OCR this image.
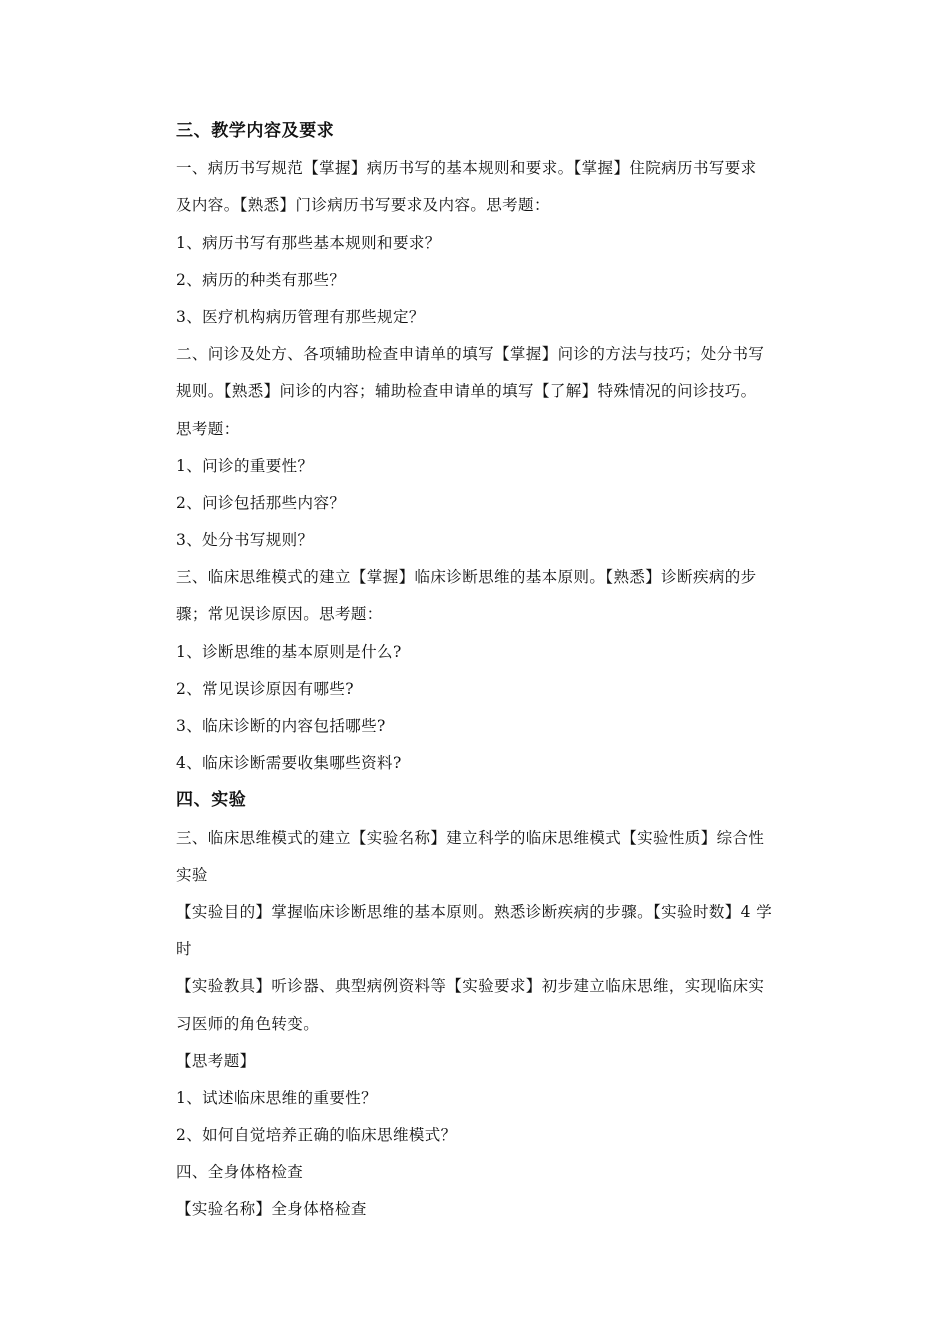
三、教学内容及要求
一、病历书写规范【掌握】病历书写的基本规则和要求。【掌握】住院病历书写要求
及内容。【熟悉】门诊病历书写要求及内容。思考题：
1、病历书写有那些基本规则和要求？
2、病历的种类有那些？
3、医疗机构病历管理有那些规定？
二、问诊及处方、各项辅助检查申请单的填写【掌握】问诊的方法与技巧；处分书写
规则。【熟悉】问诊的内容；辅助检查申请单的填写【了解】特殊情况的问诊技巧。
思考题：
1、问诊的重要性？
2、问诊包括那些内容？
3、处分书写规则？
三、临床思维模式的建立【掌握】临床诊断思维的基本原则。【熟悉】诊断疾病的步
骤；常见误诊原因。思考题：
1、诊断思维的基本原则是什么?
2、常见误诊原因有哪些?
3、临床诊断的内容包括哪些?
4、临床诊断需要收集哪些资料?
四、实验
三、临床思维模式的建立【实验名称】建立科学的临床思维模式【实验性质】综合性
实验
【实验目的】掌握临床诊断思维的基本原则。熟悉诊断疾病的步骤。【实验时数】4 学
时
【实验教具】听诊器、典型病例资料等【实验要求】初步建立临床思维，实现临床实
习医师的角色转变。
【思考题】
1、试述临床思维的重要性？
2、如何自觉培养正确的临床思维模式？
四、全身体格检查
【实验名称】全身体格检查
